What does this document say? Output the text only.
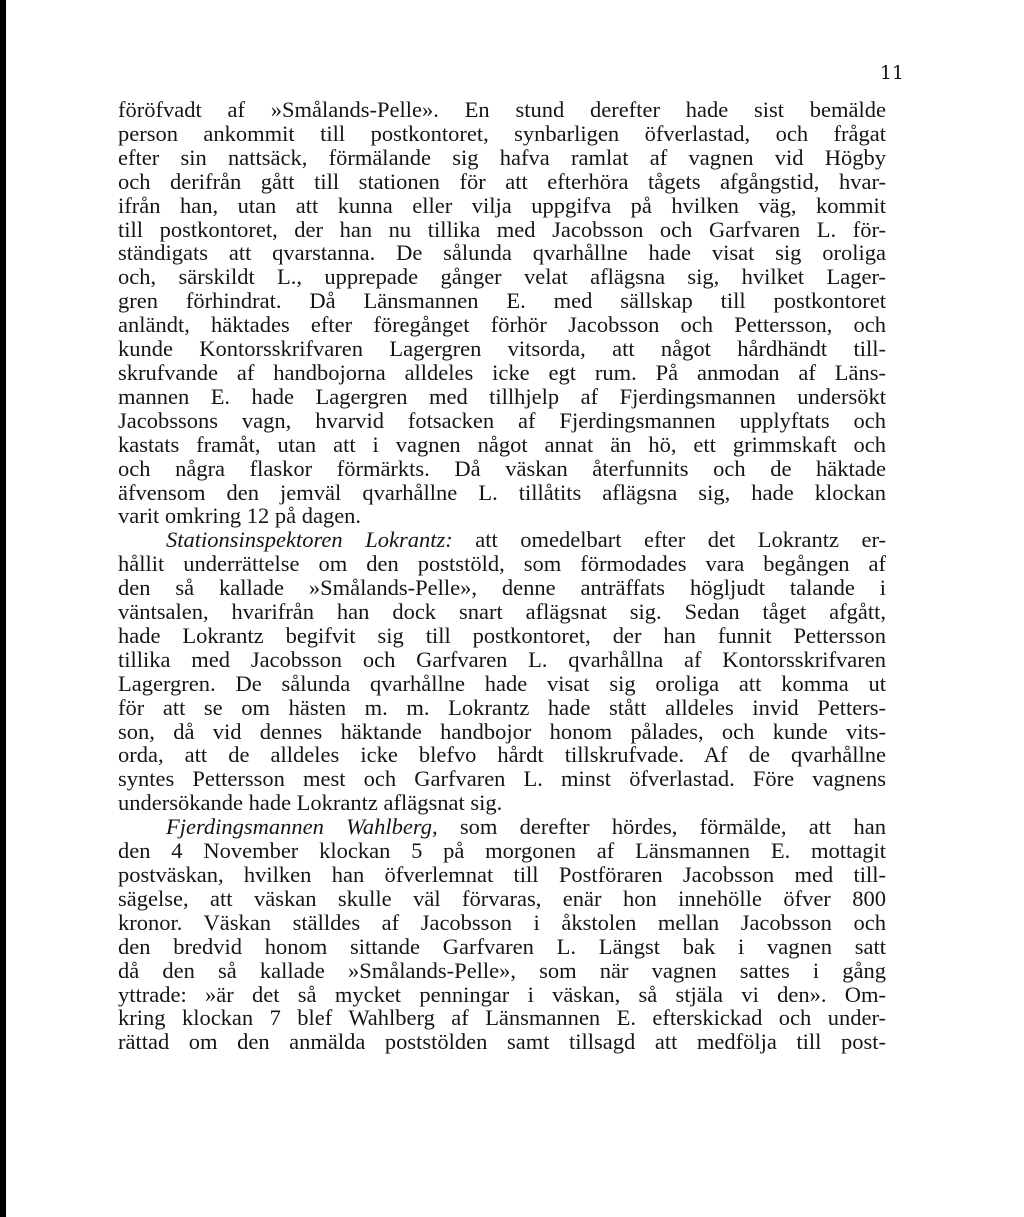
11
föröfvadt af »Smålands-Pelle». En stund derefter hade sist bemälde
person ankommit till postkontoret, synbarligen öfverlastad, och frågat
efter sin nattsäck, förmälande sig hafva ramlat af vagnen vid Högby
och derifrån gått till stationen för att efterhöra tågets afgångstid, hvar-
ifrån han, utan att kunna eller vilja uppgifva på hvilken väg, kommit
till postkontoret, der han nu tillika med Jacobsson och Garfvaren L. för-
ständigats att qvarstanna. De sålunda qvarhållne hade visat sig oroliga
och, särskildt L., upprepade gånger velat aflägsna sig, hvilket Lager-
gren förhindrat. Då Länsmannen E. med sällskap till postkontoret
anländt, häktades efter föregånget förhör Jacobsson och Pettersson, och
kunde Kontorsskrifvaren Lagergren vitsorda, att något hårdhändt till-
skrufvande af handbojorna alldeles icke egt rum. På anmodan af Läns-
mannen E. hade Lagergren med tillhjelp af Fjerdingsmannen undersökt
Jacobssons vagn, hvarvid fotsacken af Fjerdingsmannen upplyftats och
kastats framåt, utan att i vagnen något annat än hö, ett grimmskaft och
och några flaskor förmärkts. Då väskan återfunnits och de häktade
äfvensom den jemväl qvarhållne L. tillåtits aflägsna sig, hade klockan
varit omkring 12 på dagen.
Stationsinspektoren Lokrantz: att omedelbart efter det Lokrantz er-
hållit underrättelse om den poststöld, som förmodades vara begången af
den så kallade »Smålands-Pelle», denne anträffats högljudt talande i
väntsalen, hvarifrån han dock snart aflägsnat sig. Sedan tåget afgått,
hade Lokrantz begifvit sig till postkontoret, der han funnit Pettersson
tillika med Jacobsson och Garfvaren L. qvarhållna af Kontorsskrifvaren
Lagergren. De sålunda qvarhållne hade visat sig oroliga att komma ut
för att se om hästen m. m. Lokrantz hade stått alldeles invid Petters-
son, då vid dennes häktande handbojor honom pålades, och kunde vits-
orda, att de alldeles icke blefvo hårdt tillskrufvade. Af de qvarhållne
syntes Pettersson mest och Garfvaren L. minst öfverlastad. Före vagnens
undersökande hade Lokrantz aflägsnat sig.
Fjerdingsmannen Wahlberg, som derefter hördes, förmälde, att han
den 4 November klockan 5 på morgonen af Länsmannen E. mottagit
postväskan, hvilken han öfverlemnat till Postföraren Jacobsson med till-
sägelse, att väskan skulle väl förvaras, enär hon innehölle öfver 800
kronor. Väskan ställdes af Jacobsson i åkstolen mellan Jacobsson och
den bredvid honom sittande Garfvaren L. Längst bak i vagnen satt
då den så kallade »Smålands-Pelle», som när vagnen sattes i gång
yttrade: »är det så mycket penningar i väskan, så stjäla vi den». Om-
kring klockan 7 blef Wahlberg af Länsmannen E. efterskickad och under-
rättad om den anmälda poststölden samt tillsagd att medfölja till post-
